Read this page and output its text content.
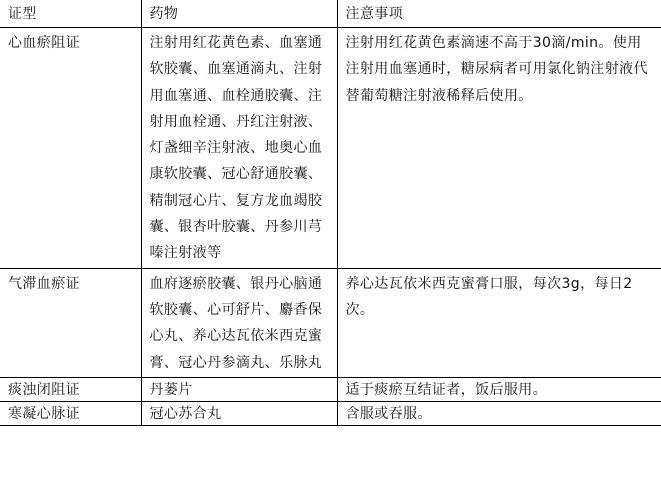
证型	药物	注意事项
心血瘀阻证	注射用红花黄色素、血塞通软胶囊、血塞通滴丸、注射用血塞通、血栓通胶囊、注射用血栓通、丹红注射液、灯盏细辛注射液、地奥心血康软胶囊、冠心舒通胶囊、精制冠心片、复方龙血竭胶囊、银杏叶胶囊、丹参川芎嗪注射液等	注射用红花黄色素滴速不高于30滴/min。使用注射用血塞通时，糖尿病者可用氯化钠注射液代替葡萄糖注射液稀释后使用。
气滞血瘀证	血府逐瘀胶囊、银丹心脑通软胶囊、心可舒片、麝香保心丸、养心达瓦依米西克蜜膏、冠心丹参滴丸、乐脉丸	养心达瓦依米西克蜜膏口服，每次3g，每日2次。
痰浊闭阻证	丹蒌片	适于痰瘀互结证者，饭后服用。
寒凝心脉证	冠心苏合丸	含服或吞服。
